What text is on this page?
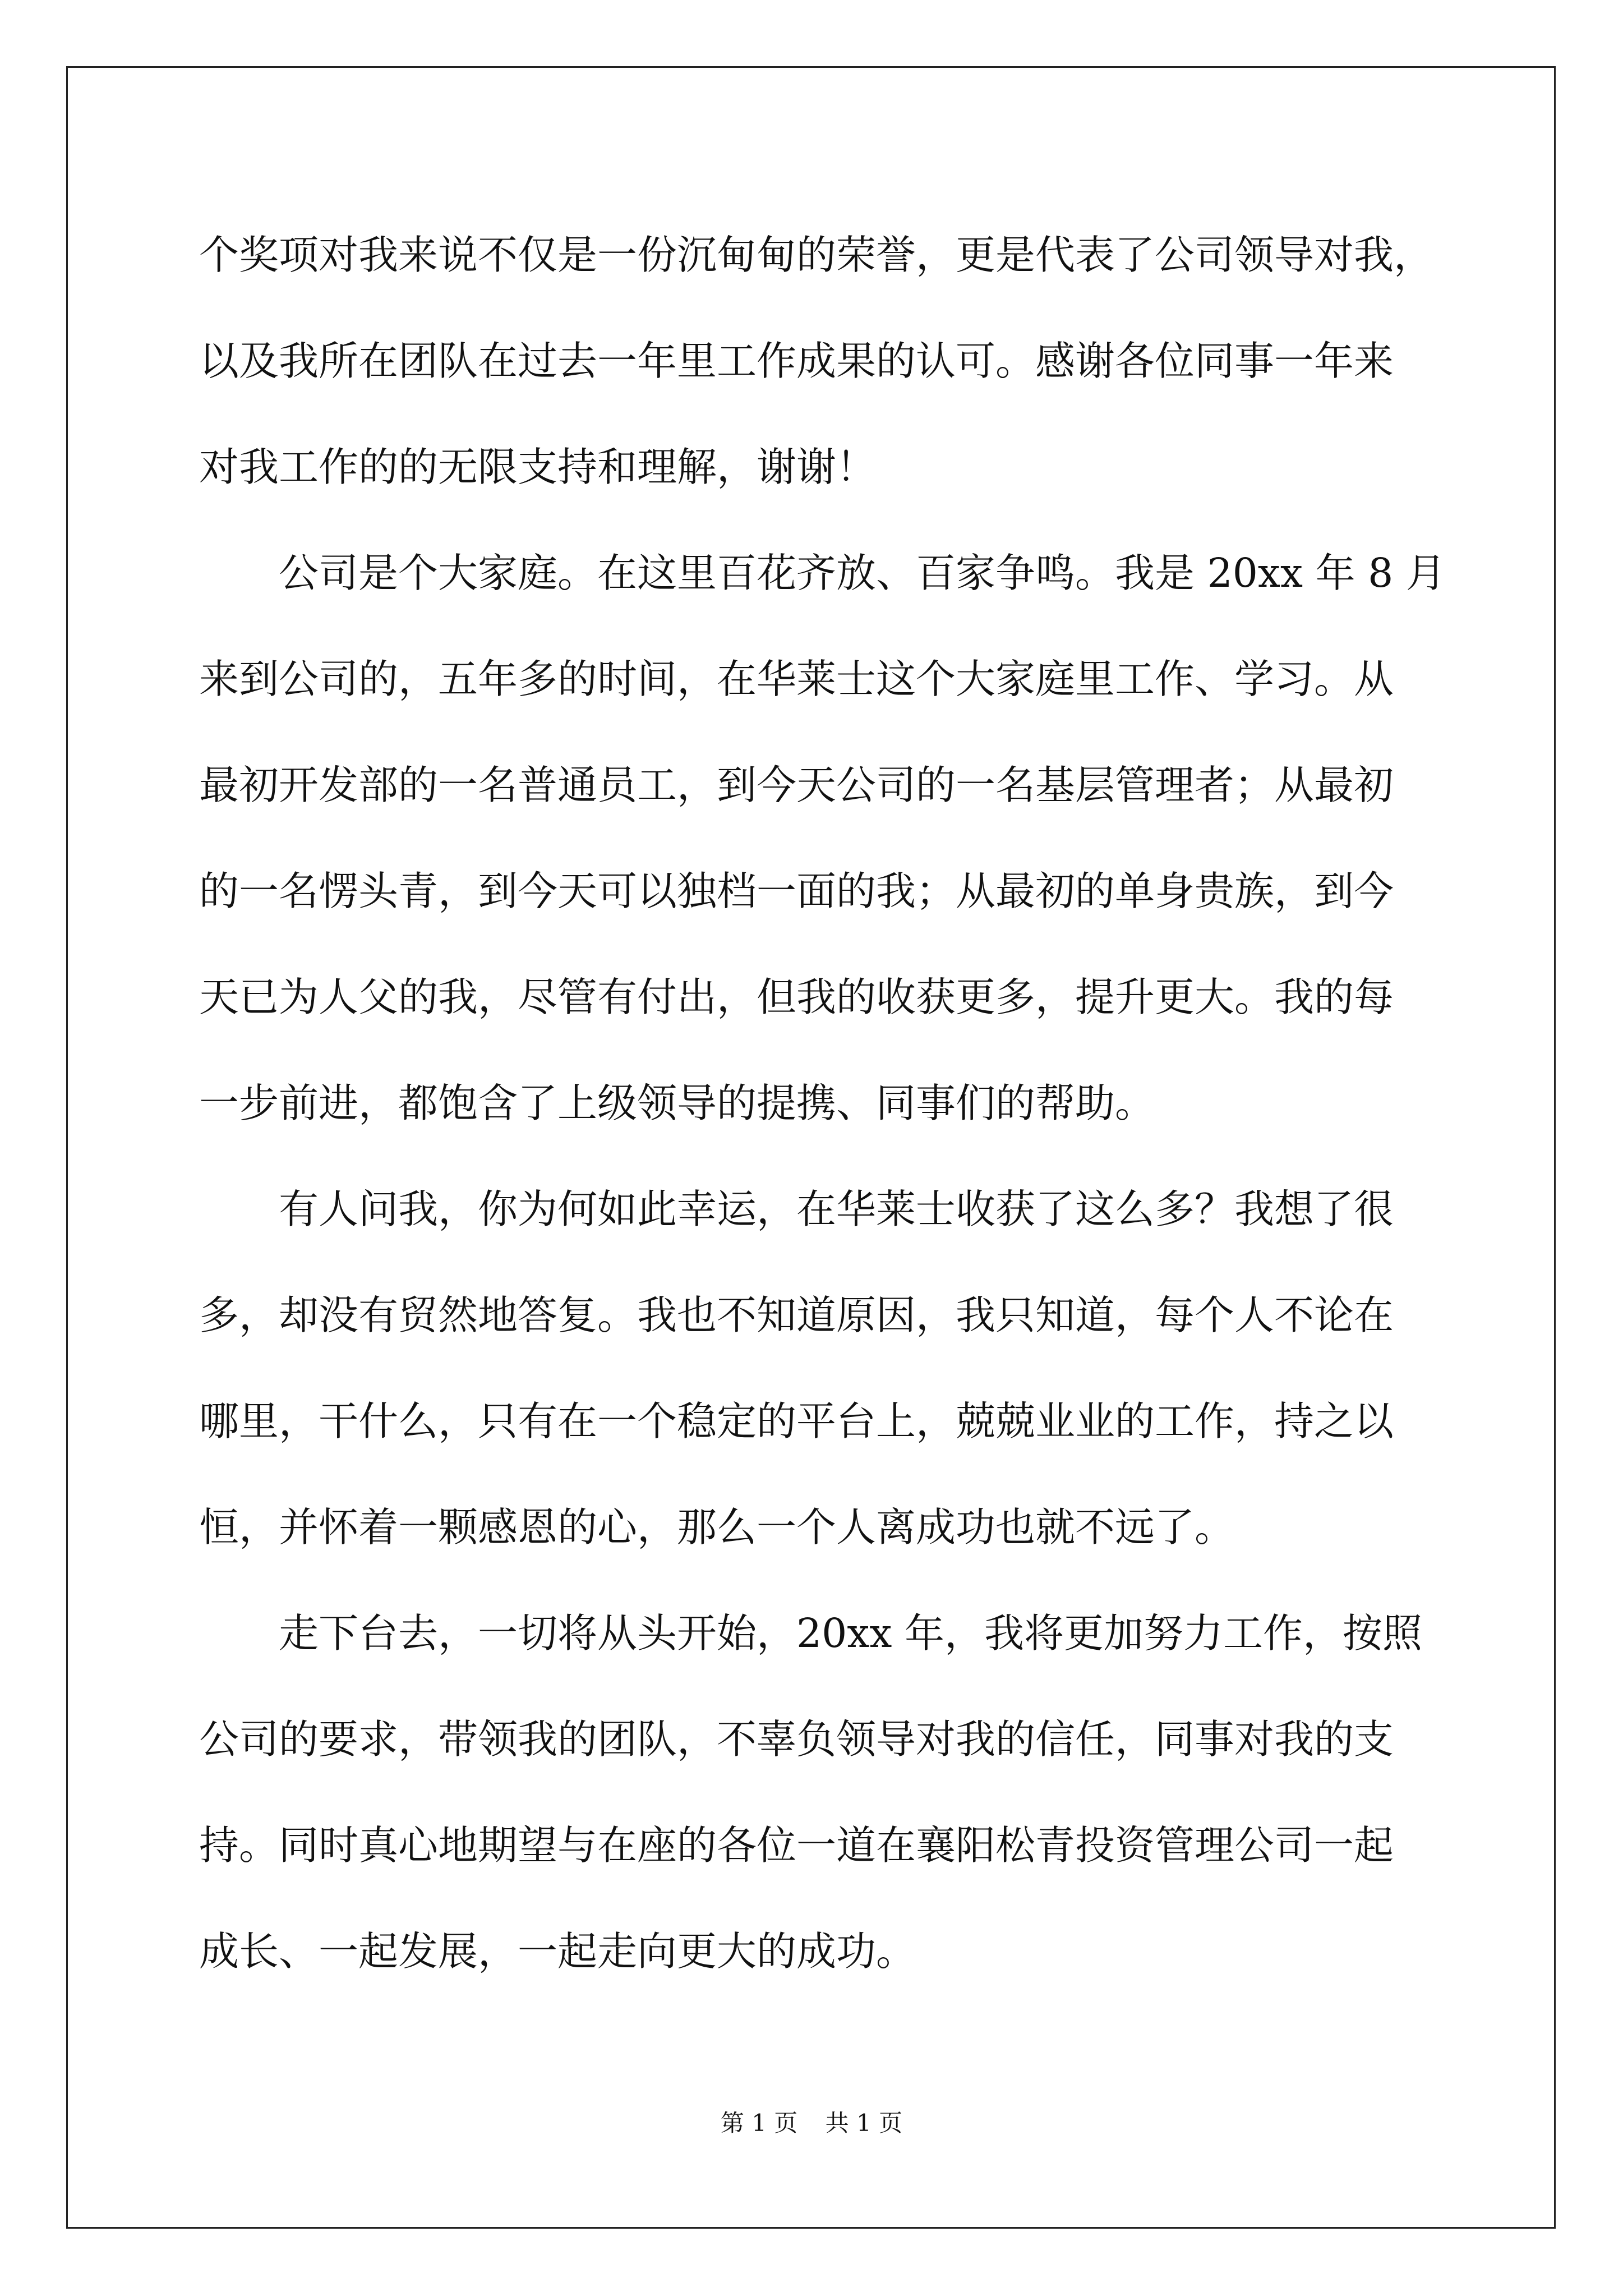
个奖项对我来说不仅是一份沉甸甸的荣誉，更是代表了公司领导对我，
以及我所在团队在过去一年里工作成果的认可。感谢各位同事一年来
对我工作的的无限支持和理解，谢谢！
公司是个大家庭。在这里百花齐放、百家争鸣。我是 20xx 年 8 月
来到公司的，五年多的时间，在华莱士这个大家庭里工作、学习。从
最初开发部的一名普通员工，到今天公司的一名基层管理者；从最初
的一名愣头青，到今天可以独档一面的我；从最初的单身贵族，到今
天已为人父的我，尽管有付出，但我的收获更多，提升更大。我的每
一步前进，都饱含了上级领导的提携、同事们的帮助。
有人问我，你为何如此幸运，在华莱士收获了这么多？我想了很
多，却没有贸然地答复。我也不知道原因，我只知道，每个人不论在
哪里，干什么，只有在一个稳定的平台上，兢兢业业的工作，持之以
恒，并怀着一颗感恩的心，那么一个人离成功也就不远了。
走下台去，一切将从头开始，20xx 年，我将更加努力工作，按照
公司的要求，带领我的团队，不辜负领导对我的信任，同事对我的支
持。同时真心地期望与在座的各位一道在襄阳松青投资管理公司一起
成长、一起发展，一起走向更大的成功。
第 1 页 共 1 页
